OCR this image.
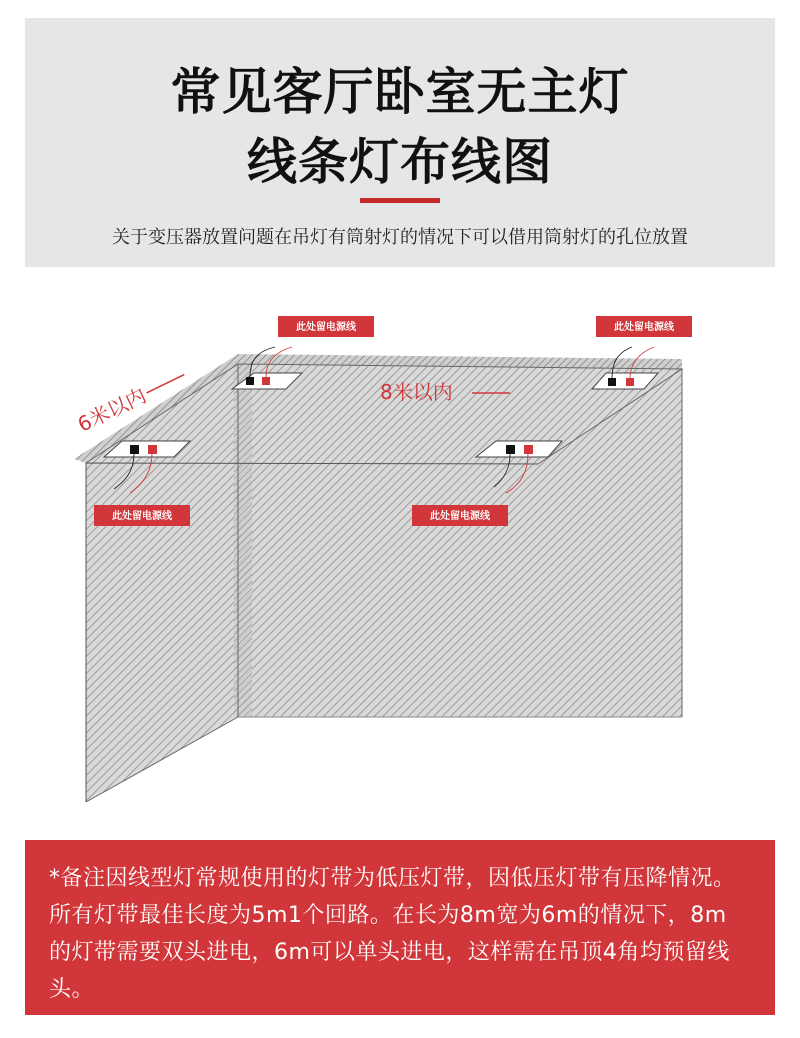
常见客厅卧室无主灯
线条灯布线图
关于变压器放置问题在吊灯有筒射灯的情况下可以借用筒射灯的孔位放置
6米以内	8米以内
此处留电源线	此处留电源线
此处留电源线	此处留电源线

*备注因线型灯常规使用的灯带为低压灯带，因低压灯带有压降情况。所有灯带最佳长度为5m1个回路。在长为8m宽为6m的情况下，8m的灯带需要双头进电，6m可以单头进电，这样需在吊顶4角均预留线头。
